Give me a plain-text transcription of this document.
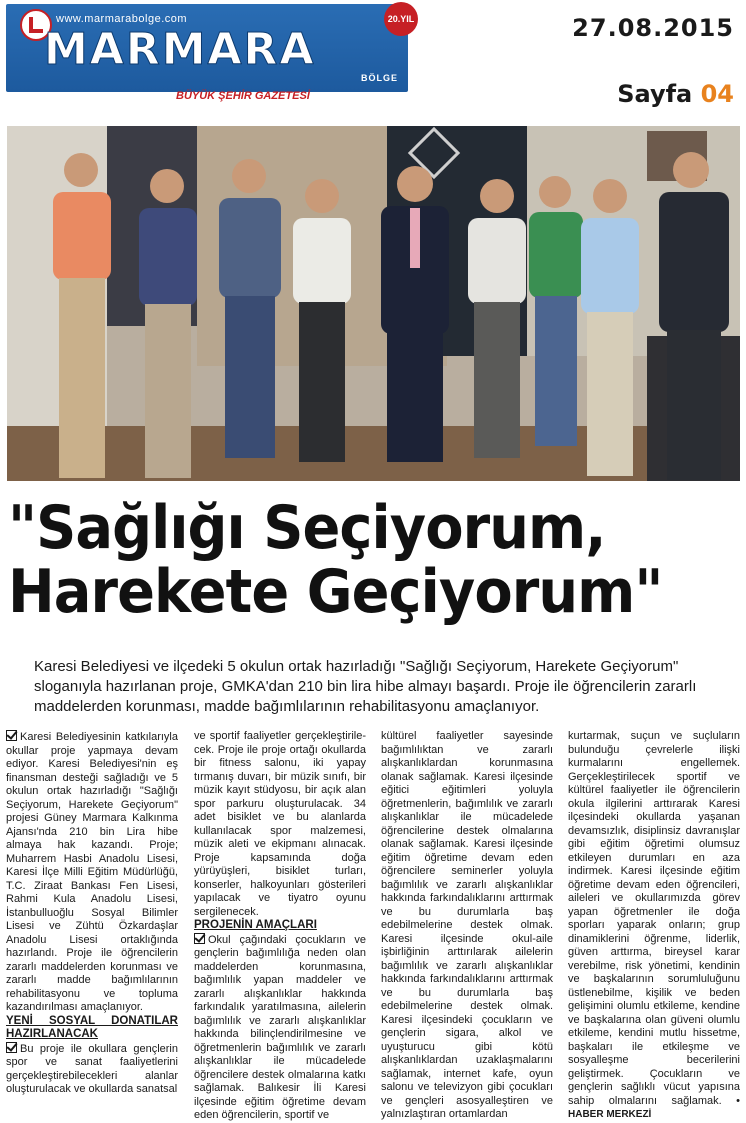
www.marmarabolge.com
MARMARA
BÖLGE
20.YIL
BÜYÜK ŞEHİR GAZETESİ
27.08.2015
Sayfa 04
"Sağlığı Seçiyorum,
Harekete Geçiyorum"
Karesi Belediyesi ve ilçedeki 5 okulun ortak hazırladığı "Sağlığı Seçiyorum, Harekete Geçiyorum" sloganıyla hazırlanan proje, GMKA'dan 210 bin lira hibe almayı başardı. Proje ile öğrencilerin zararlı maddelerden korunması, madde bağımlılarının rehabilitasyonu amaçlanıyor.

Karesi Belediyesinin katkılarıyla okullar proje yapmaya devam ediyor. Karesi Belediyesi'nin eş finansman desteği sağladığı ve 5 okulun ortak hazırladığı "Sağlığı Seçiyorum, Harekete Geçiyorum" projesi Güney Marmara Kalkınma Ajansı'nda 210 bin Lira hibe almaya hak kazandı. Proje; Muharrem Hasbi Anadolu Lisesi, Karesi İlçe Milli Eğitim Müdürlüğü, T.C. Ziraat Bankası Fen Lisesi, Rahmi Kula Anadolu Lisesi, İstanbulluoğlu Sosyal Bilimler Lisesi ve Zühtü Özkardaşlar Anadolu Lisesi ortaklığında hazırlandı. Proje ile öğrencilerin zararlı maddelerden korunması ve zararlı madde bağımlılarının rehabilitasyonu ve topluma kazandırılması amaçlanıyor.

YENİ SOSYAL DONATILAR HAZIRLANACAK

Bu proje ile okullara gençlerin spor ve sanat faaliyetlerini gerçekleştirebilecekleri alanlar oluşturulacak ve okullarda sanatsal

ve sportif faaliyetler gerçekleştirile-cek. Proje ile proje ortağı okullarda bir fitness salonu, iki yapay tırmanış duvarı, bir müzik sınıfı, bir müzik kayıt stüdyosu, bir açık alan spor parkuru oluşturulacak. 34 adet bisiklet ve bu alanlarda kullanılacak spor malzemesi, müzik aleti ve ekipmanı alınacak. Proje kapsamında doğa yürüyüşleri, bisiklet turları, konserler, halkoyunları gösterileri yapılacak ve tiyatro oyunu sergilenecek.

PROJENİN AMAÇLARI

Okul çağındaki çocukların ve gençlerin bağımlılığa neden olan maddelerden korunmasına, bağımlılık yapan maddeler ve zararlı alışkanlıklar hakkında farkındalık yaratılmasına, ailelerin bağımlılık ve zararlı alışkanlıklar hakkında bilinçlendirilmesine ve öğretmenlerin bağımlılık ve zararlı alışkanlıklar ile mücadelede öğrencilere destek olmalarına katkı sağlamak. Balıkesir İli Karesi ilçesinde eğitim öğretime devam eden öğrencilerin, sportif ve

kültürel faaliyetler sayesinde bağımlılıktan ve zararlı alışkanlıklardan korunmasına olanak sağlamak. Karesi ilçesinde eğitici eğitimleri yoluyla öğretmenlerin, bağımlılık ve zararlı alışkanlıklar ile mücadelede öğrencilerine destek olmalarına olanak sağlamak. Karesi ilçesinde eğitim öğretime devam eden öğrencilere seminerler yoluyla bağımlılık ve zararlı alışkanlıklar hakkında farkındalıklarını arttırmak ve bu durumlarla baş edebilmelerine destek olmak. Karesi ilçesinde okul-aile işbirliğinin arttırılarak ailelerin bağımlılık ve zararlı alışkanlıklar hakkında farkındalıklarını arttırmak ve bu durumlarla baş edebilmelerine destek olmak. Karesi ilçesindeki çocukların ve gençlerin sigara, alkol ve uyuşturucu gibi kötü alışkanlıklardan uzaklaşmalarını sağlamak, internet kafe, oyun salonu ve televizyon gibi çocukları ve gençleri asosyalleştiren ve yalnızlaştıran ortamlardan

kurtarmak, suçun ve suçluların bulunduğu çevrelerle ilişki kurmalarını engellemek. Gerçekleştirilecek sportif ve kültürel faaliyetler ile öğrencilerin okula ilgilerini arttırarak Karesi ilçesindeki okullarda yaşanan devamsızlık, disiplinsiz davranışlar gibi eğitim öğretimi olumsuz etkileyen durumları en aza indirmek. Karesi ilçesinde eğitim öğretime devam eden öğrencileri, aileleri ve okullarımızda görev yapan öğretmenler ile doğa sporları yaparak onların; grup dinamiklerini öğrenme, liderlik, güven arttırma, bireysel karar verebilme, risk yönetimi, kendinin ve başkalarının sorumluluğunu üstlenebilme, kişilik ve beden gelişimini olumlu etkileme, kendine ve başkalarına olan güveni olumlu etkileme, kendini mutlu hissetme, başkaları ile etkileşme ve sosyalleşme becerilerini geliştirmek. Çocukların ve gençlerin sağlıklı vücut yapısına sahip olmalarını sağlamak. • HABER MERKEZİ
